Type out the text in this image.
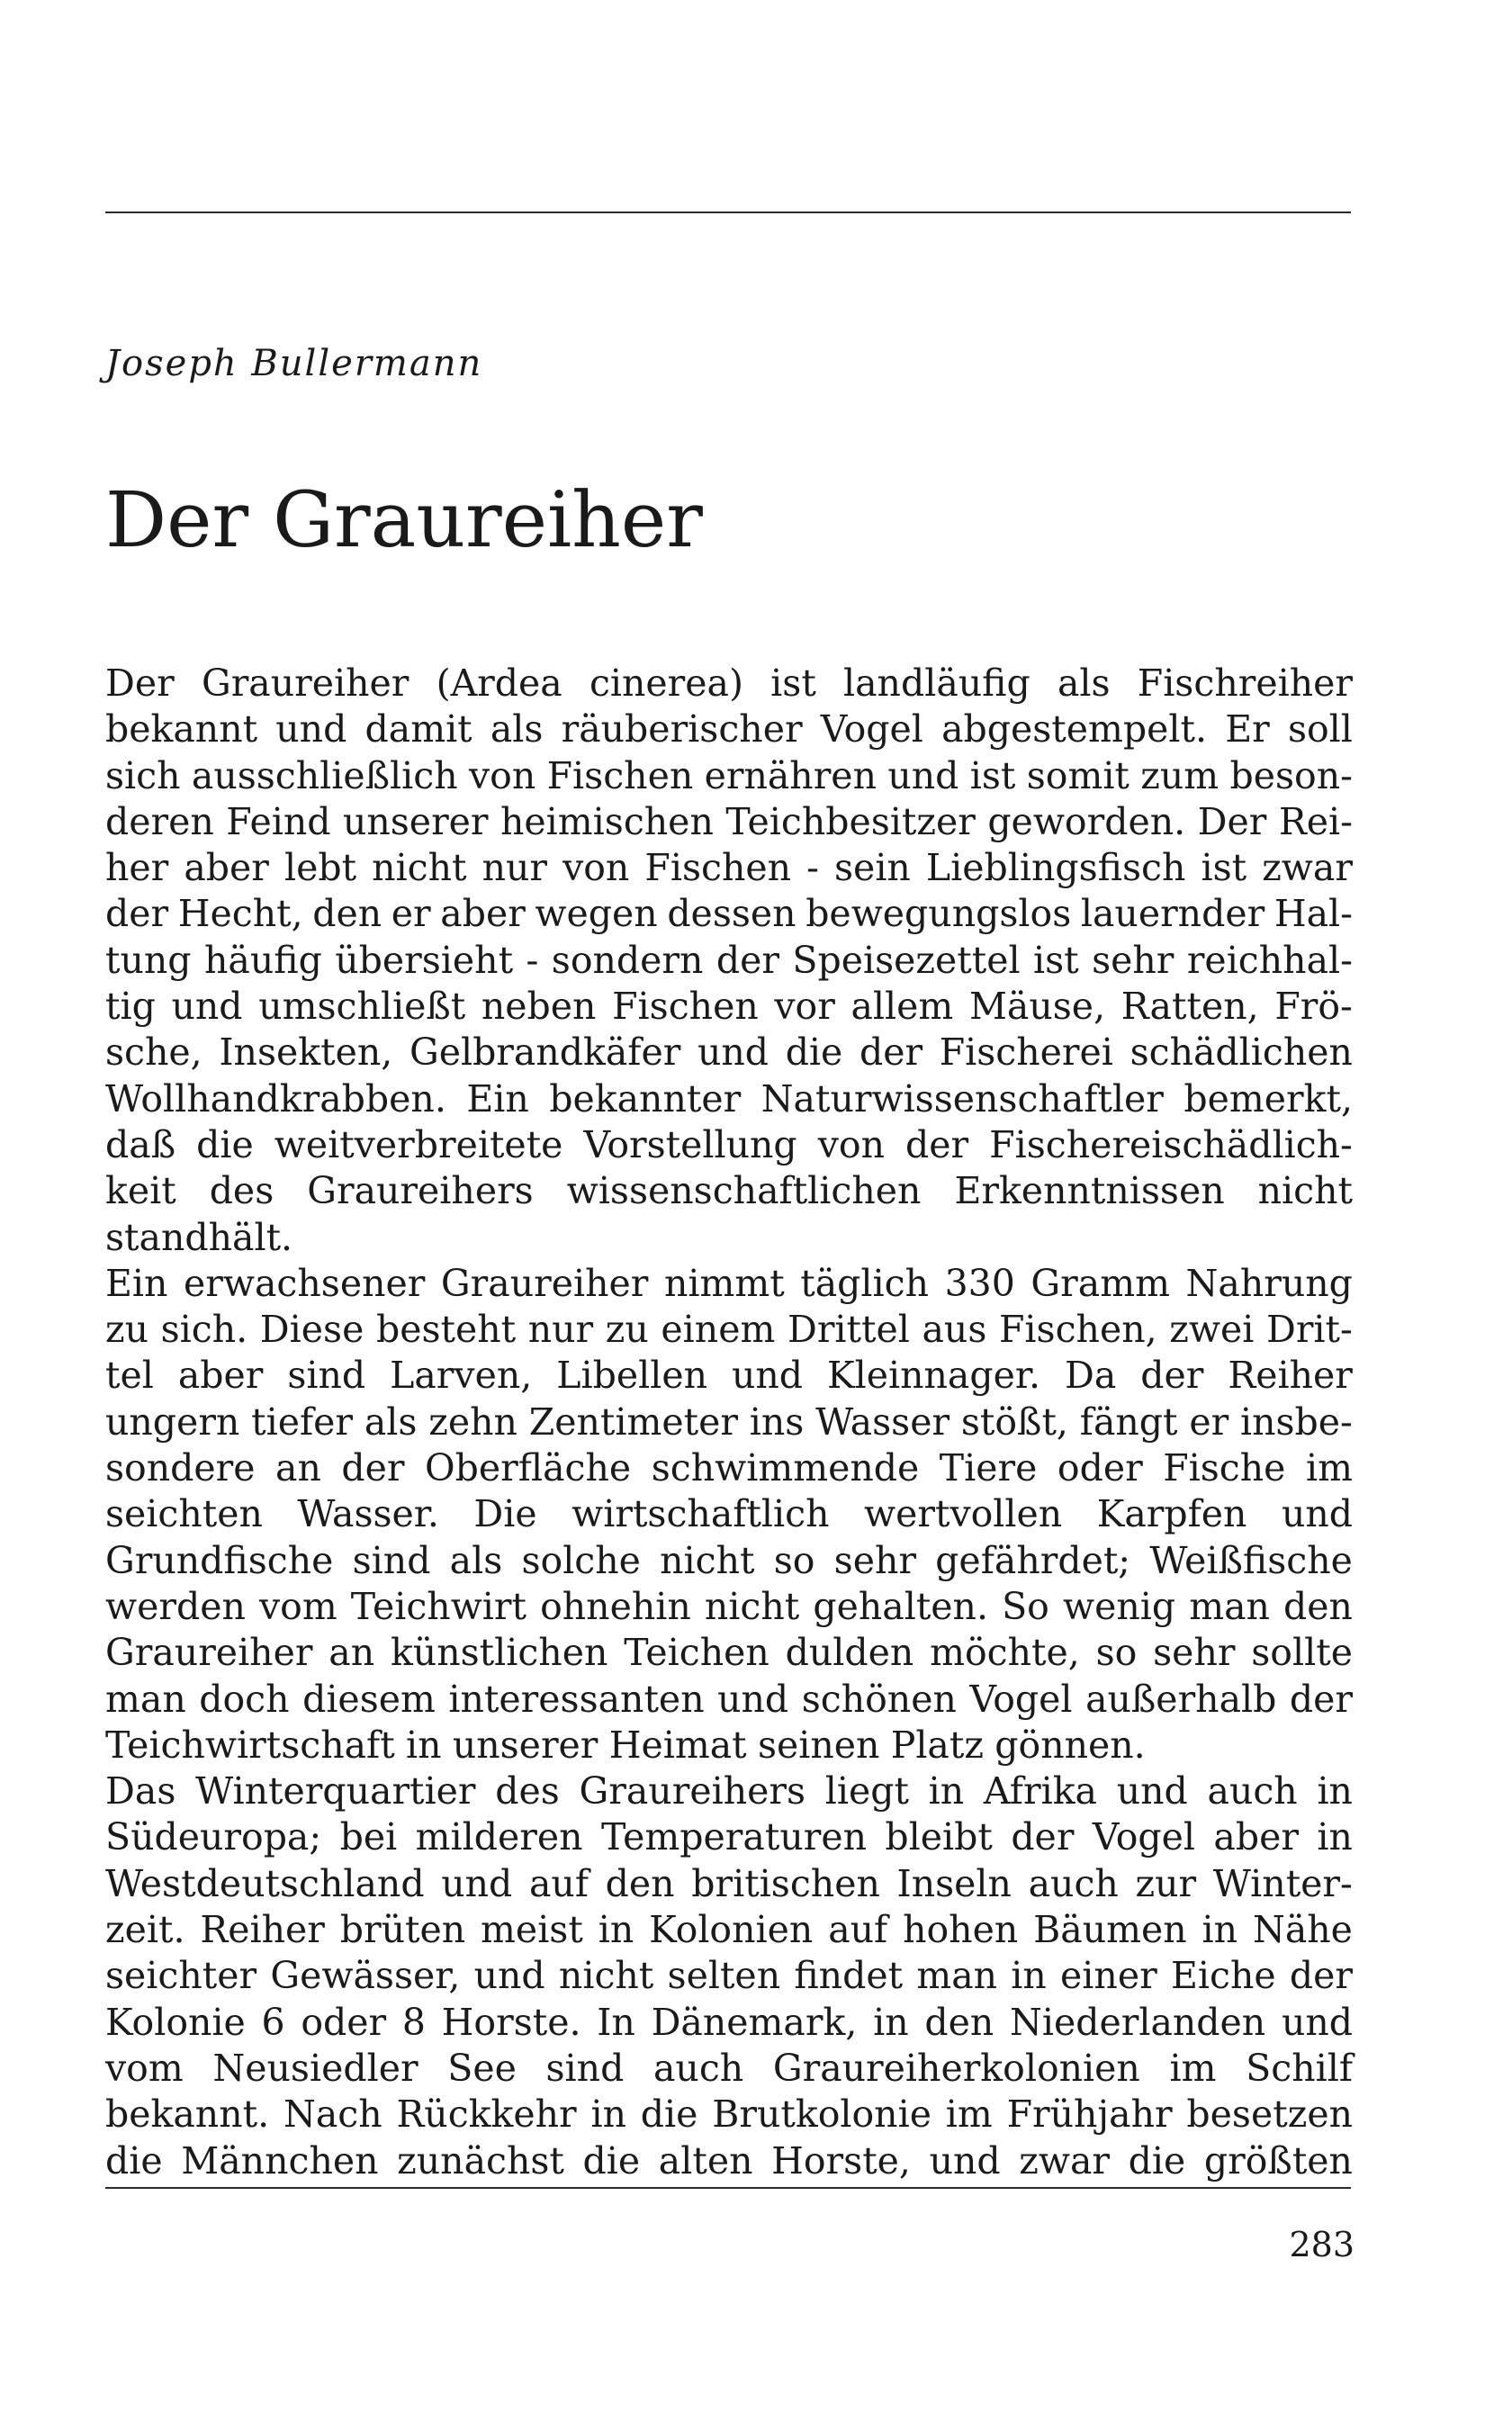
Joseph Bullermann
Der Graureiher
Der Graureiher (Ardea cinerea) ist landläufig als Fischreiher
bekannt und damit als räuberischer Vogel abgestempelt. Er soll
sich ausschließlich von Fischen ernähren und ist somit zum beson-
deren Feind unserer heimischen Teichbesitzer geworden. Der Rei-
her aber lebt nicht nur von Fischen - sein Lieblingsfisch ist zwar
der Hecht, den er aber wegen dessen bewegungslos lauernder Hal-
tung häufig übersieht - sondern der Speisezettel ist sehr reichhal-
tig und umschließt neben Fischen vor allem Mäuse, Ratten, Frö-
sche, Insekten, Gelbrandkäfer und die der Fischerei schädlichen
Wollhandkrabben. Ein bekannter Naturwissenschaftler bemerkt,
daß die weitverbreitete Vorstellung von der Fischereischädlich-
keit des Graureihers wissenschaftlichen Erkenntnissen nicht
standhält.
Ein erwachsener Graureiher nimmt täglich 330 Gramm Nahrung
zu sich. Diese besteht nur zu einem Drittel aus Fischen, zwei Drit-
tel aber sind Larven, Libellen und Kleinnager. Da der Reiher
ungern tiefer als zehn Zentimeter ins Wasser stößt, fängt er insbe-
sondere an der Oberfläche schwimmende Tiere oder Fische im
seichten Wasser. Die wirtschaftlich wertvollen Karpfen und
Grundfische sind als solche nicht so sehr gefährdet; Weißfische
werden vom Teichwirt ohnehin nicht gehalten. So wenig man den
Graureiher an künstlichen Teichen dulden möchte, so sehr sollte
man doch diesem interessanten und schönen Vogel außerhalb der
Teichwirtschaft in unserer Heimat seinen Platz gönnen.
Das Winterquartier des Graureihers liegt in Afrika und auch in
Südeuropa; bei milderen Temperaturen bleibt der Vogel aber in
Westdeutschland und auf den britischen Inseln auch zur Winter-
zeit. Reiher brüten meist in Kolonien auf hohen Bäumen in Nähe
seichter Gewässer, und nicht selten findet man in einer Eiche der
Kolonie 6 oder 8 Horste. In Dänemark, in den Niederlanden und
vom Neusiedler See sind auch Graureiherkolonien im Schilf
bekannt. Nach Rückkehr in die Brutkolonie im Frühjahr besetzen
die Männchen zunächst die alten Horste, und zwar die größten
283
